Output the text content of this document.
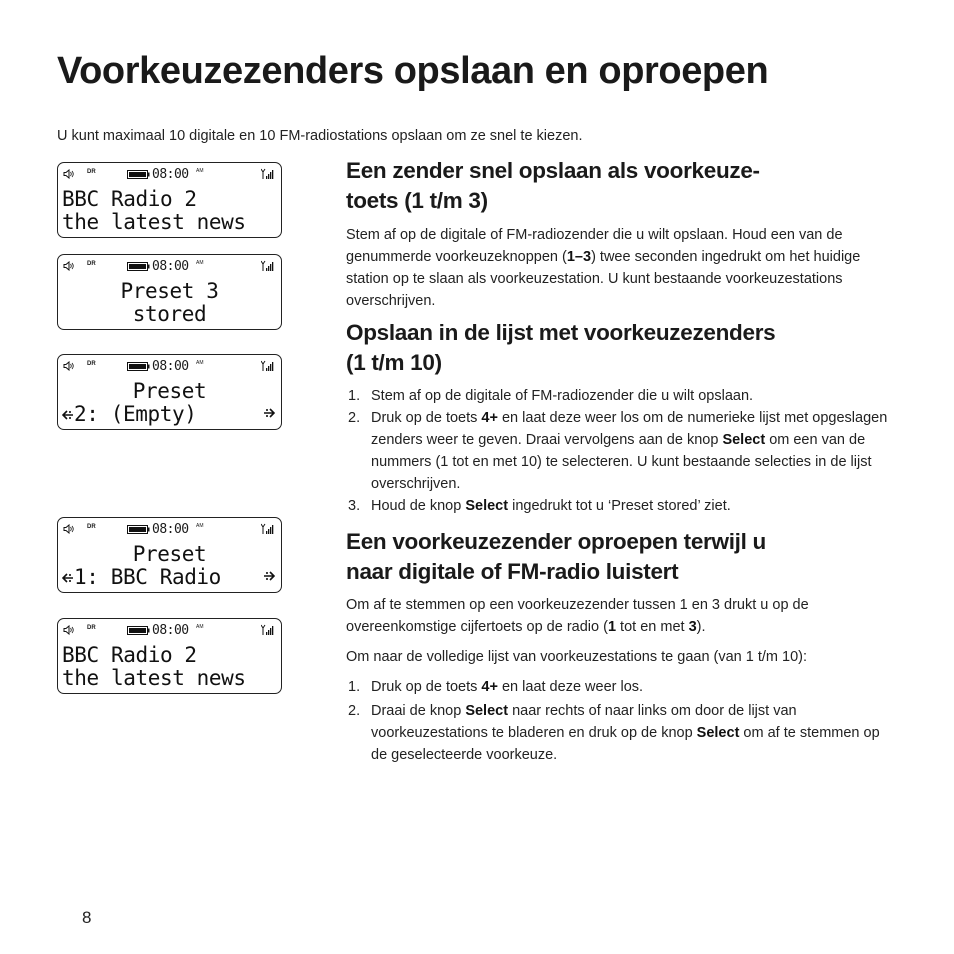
Voorkeuzezenders opslaan en oproepen

U kunt maximaal 10 digitale en 10 FM-radiostations opslaan om ze snel te kiezen.

DR	08:00 AM
BBC Radio 2
the latest news
DR	08:00 AM
Preset 3
stored
DR	08:00 AM
Preset
2: (Empty)
DR	08:00 AM
Preset
1: BBC Radio
DR	08:00 AM
BBC Radio 2
the latest news
Een zender snel opslaan als voorkeuze-
toets (1 t/m 3)

Stem af op de digitale of FM-radiozender die u wilt opslaan. Houd een van de genummerde voorkeuzeknoppen (1–3) twee seconden ingedrukt om het huidige station op te slaan als voorkeuzestation. U kunt bestaande voorkeuzestations overschrijven.

Opslaan in de lijst met voorkeuzezenders
(1 t/m 10)
1. Stem af op de digitale of FM-radiozender die u wilt opslaan.
2. Druk op de toets 4+ en laat deze weer los om de numerieke lijst met opgeslagen zenders weer te geven. Draai vervolgens aan de knop Select om een van de nummers (1 tot en met 10) te selecteren. U kunt bestaande selecties in de lijst overschrijven.
3. Houd de knop Select ingedrukt tot u ‘Preset stored’ ziet.
Een voorkeuzezender oproepen terwijl u
naar digitale of FM-radio luistert

Om af te stemmen op een voorkeuzezender tussen 1 en 3 drukt u op de overeenkomstige cijfertoets op de radio (1 tot en met 3).

Om naar de volledige lijst van voorkeuzestations te gaan (van 1 t/m 10):

1. Druk op de toets 4+ en laat deze weer los.
2. Draai de knop Select naar rechts of naar links om door de lijst van voorkeuzestations te bladeren en druk op de knop Select om af te stemmen op de geselecteerde voorkeuze.
8
